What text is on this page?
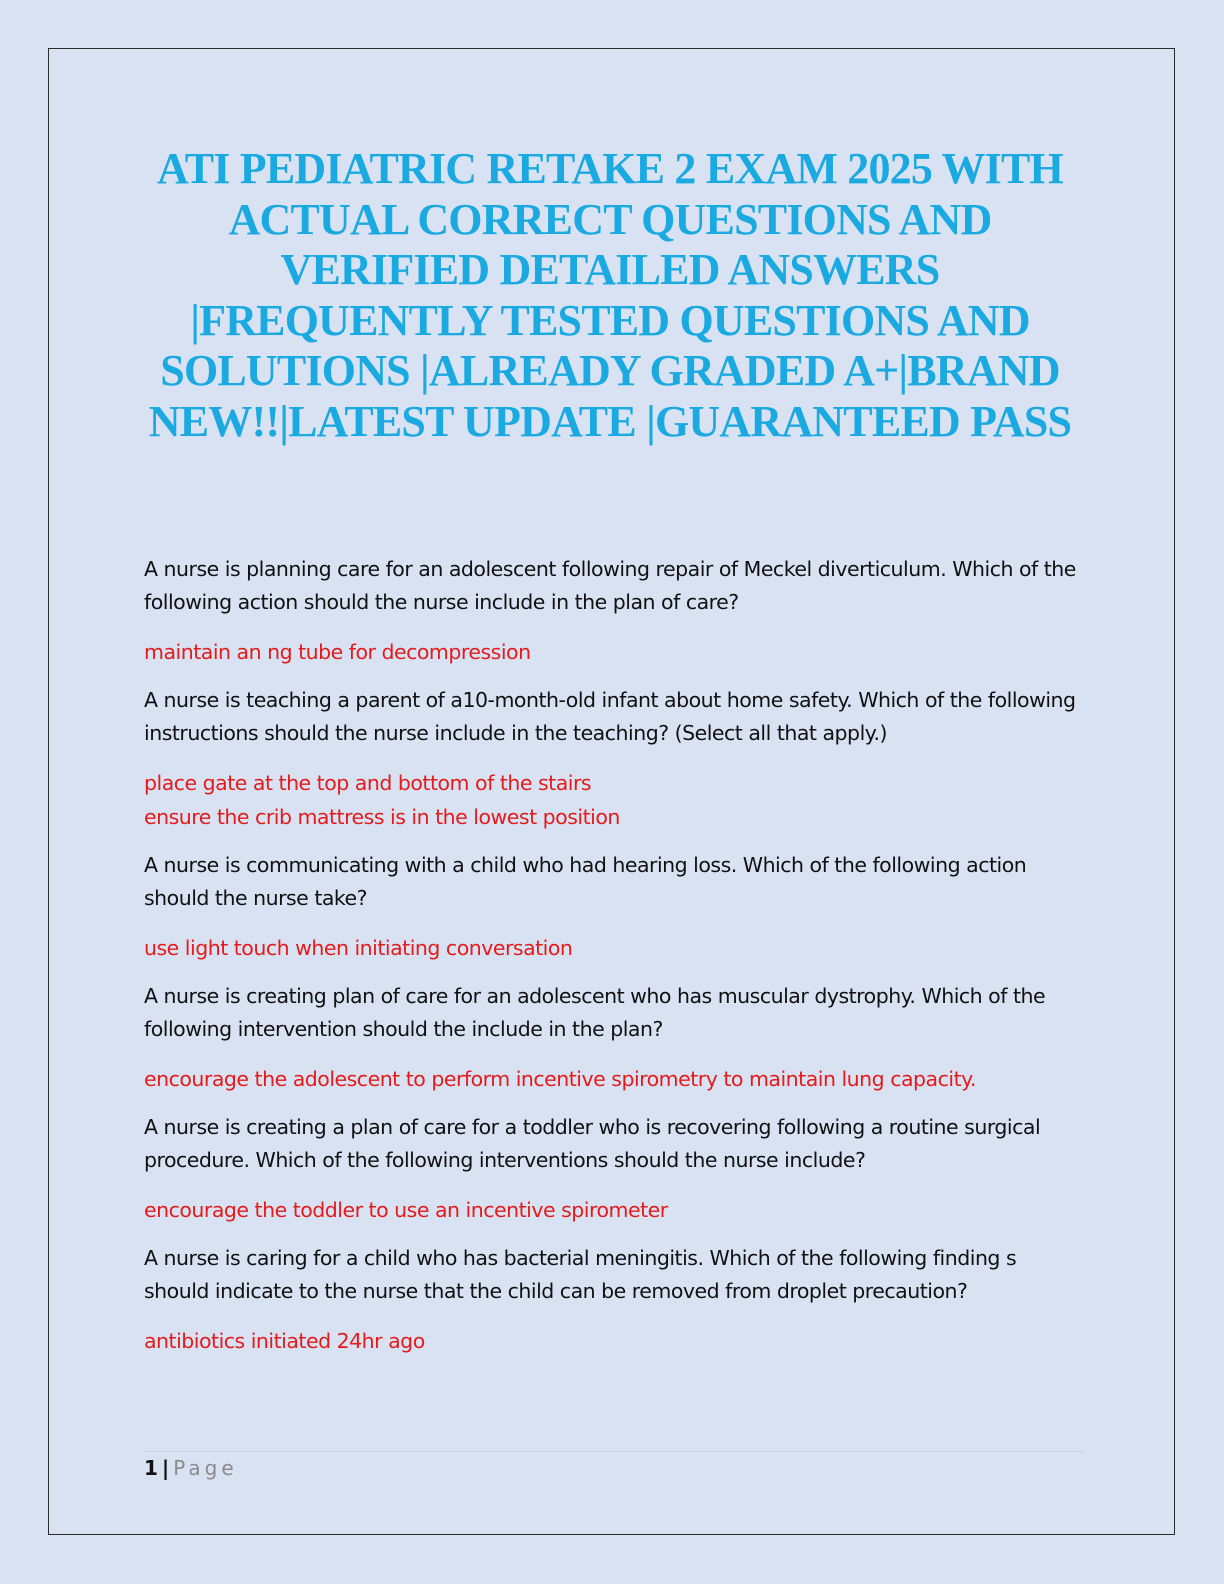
ATI PEDIATRIC RETAKE 2 EXAM 2025 WITH ACTUAL CORRECT QUESTIONS AND VERIFIED DETAILED ANSWERS |FREQUENTLY TESTED QUESTIONS AND SOLUTIONS |ALREADY GRADED A+|BRAND NEW!!|LATEST UPDATE |GUARANTEED PASS

A nurse is planning care for an adolescent following repair of Meckel diverticulum. Which of the following action should the nurse include in the plan of care?

maintain an ng tube for decompression

A nurse is teaching a parent of a10-month-old infant about home safety. Which of the following instructions should the nurse include in the teaching? (Select all that apply.)

place gate at the top and bottom of the stairs

ensure the crib mattress is in the lowest position

A nurse is communicating with a child who had hearing loss. Which of the following action should the nurse take?

use light touch when initiating conversation

A nurse is creating plan of care for an adolescent who has muscular dystrophy. Which of the following intervention should the include in the plan?

encourage the adolescent to perform incentive spirometry to maintain lung capacity.

A nurse is creating a plan of care for a toddler who is recovering following a routine surgical procedure. Which of the following interventions should the nurse include?

encourage the toddler to use an incentive spirometer

A nurse is caring for a child who has bacterial meningitis. Which of the following finding s should indicate to the nurse that the child can be removed from droplet precaution?

antibiotics initiated 24hr ago

1 | Page
